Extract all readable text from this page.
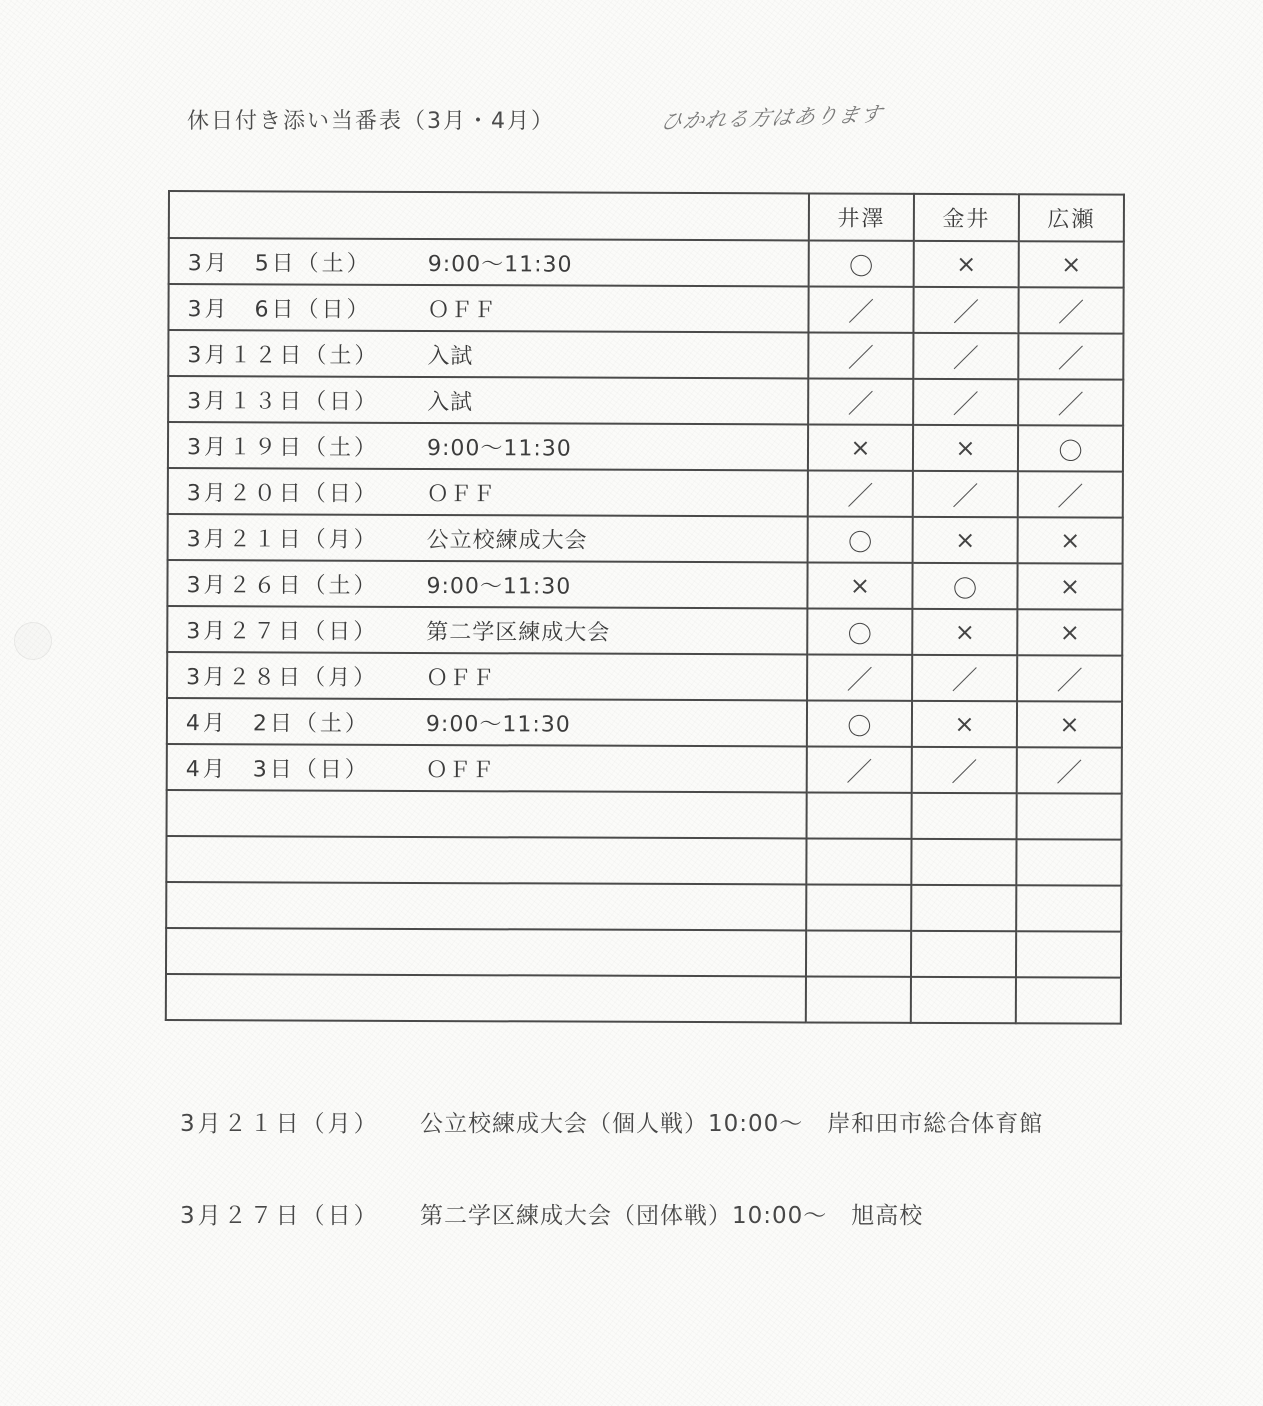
休日付き添い当番表（3月・4月）	ひかれる方はあります
	井澤	金井	広瀬
3月　5日（土） 9:00〜11:30	〇	×	×
3月　6日（日） ＯＦＦ	／	／	／
3月１２日（土） 入試	／	／	／
3月１３日（日） 入試	／	／	／
3月１９日（土） 9:00〜11:30	×	×	〇
3月２０日（日） ＯＦＦ	／	／	／
3月２１日（月） 公立校練成大会	〇	×	×
3月２６日（土） 9:00〜11:30	×	〇	×
3月２７日（日） 第二学区練成大会	〇	×	×
3月２８日（月） ＯＦＦ	／	／	／
4月　2日（土） 9:00〜11:30	〇	×	×
4月　3日（日） ＯＦＦ	／	／	／

3月２１日（月） 公立校練成大会（個人戦）10:00〜　岸和田市総合体育館
3月２７日（日） 第二学区練成大会（団体戦）10:00〜　旭高校
